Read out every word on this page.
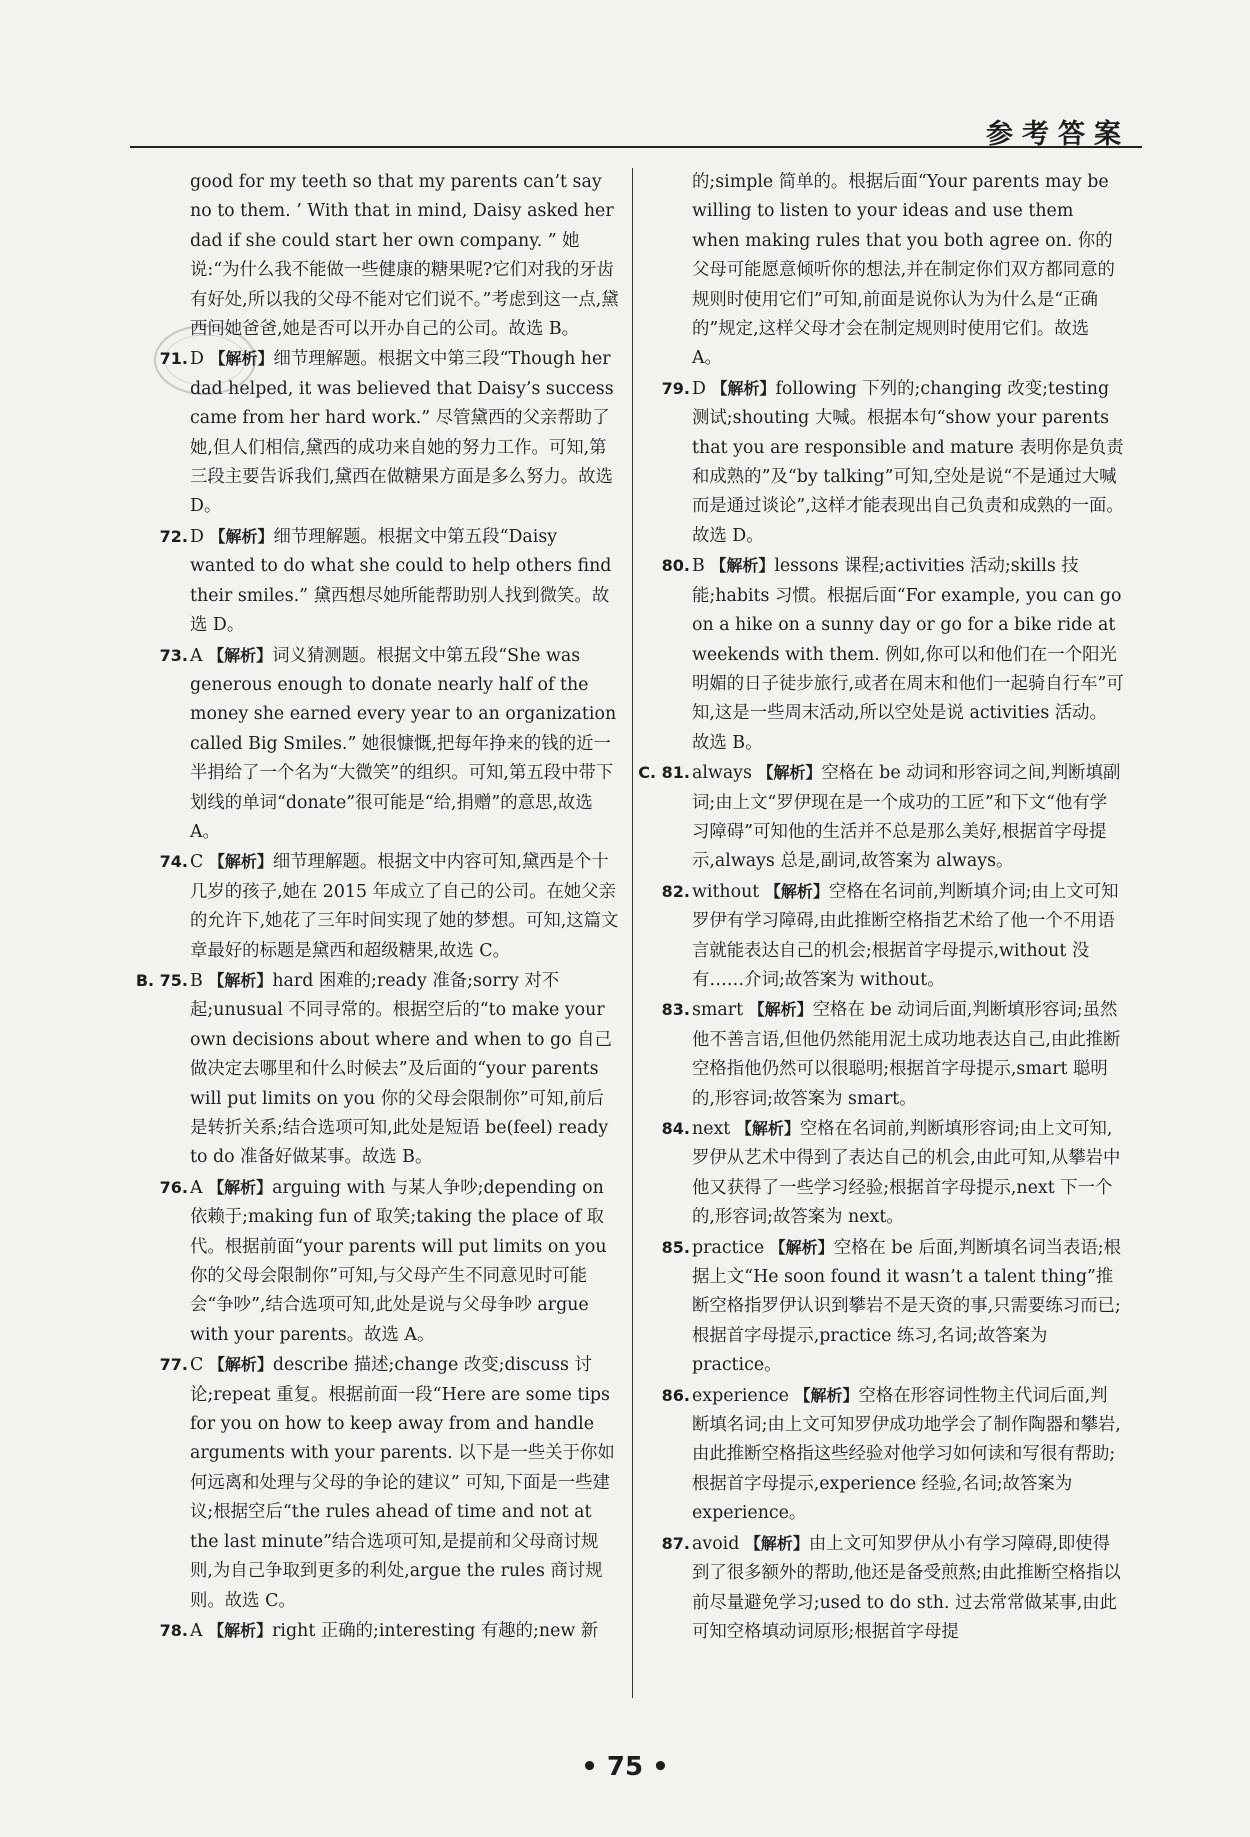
参考答案

good for my teeth so that my parents can’t say no to them. ’ With that in mind, Daisy asked her dad if she could start her own company. ” 她说:“为什么我不能做一些健康的糖果呢?它们对我的牙齿有好处,所以我的父母不能对它们说不。”考虑到这一点,黛西问她爸爸,她是否可以开办自己的公司。故选 B。

71. D 【解析】细节理解题。根据文中第三段“Though her dad helped, it was believed that Daisy’s success came from her hard work.” 尽管黛西的父亲帮助了她,但人们相信,黛西的成功来自她的努力工作。可知,第三段主要告诉我们,黛西在做糖果方面是多么努力。故选 D。

72. D 【解析】细节理解题。根据文中第五段“Daisy wanted to do what she could to help others find their smiles.” 黛西想尽她所能帮助别人找到微笑。故选 D。

73. A 【解析】词义猜测题。根据文中第五段“She was generous enough to donate nearly half of the money she earned every year to an organization called Big Smiles.” 她很慷慨,把每年挣来的钱的近一半捐给了一个名为“大微笑”的组织。可知,第五段中带下划线的单词“donate”很可能是“给,捐赠”的意思,故选 A。

74. C 【解析】细节理解题。根据文中内容可知,黛西是个十几岁的孩子,她在 2015 年成立了自己的公司。在她父亲的允许下,她花了三年时间实现了她的梦想。可知,这篇文章最好的标题是黛西和超级糖果,故选 C。

B. 75. B 【解析】hard 困难的;ready 准备;sorry 对不起;unusual 不同寻常的。根据空后的“to make your own decisions about where and when to go 自己做决定去哪里和什么时候去”及后面的“your parents will put limits on you 你的父母会限制你”可知,前后是转折关系;结合选项可知,此处是短语 be(feel) ready to do 准备好做某事。故选 B。

76. A 【解析】arguing with 与某人争吵;depending on 依赖于;making fun of 取笑;taking the place of 取代。根据前面“your parents will put limits on you 你的父母会限制你”可知,与父母产生不同意见时可能会“争吵”,结合选项可知,此处是说与父母争吵 argue with your parents。故选 A。

77. C 【解析】describe 描述;change 改变;discuss 讨论;repeat 重复。根据前面一段“Here are some tips for you on how to keep away from and handle arguments with your parents. 以下是一些关于你如何远离和处理与父母的争论的建议” 可知,下面是一些建议;根据空后“the rules ahead of time and not at the last minute”结合选项可知,是提前和父母商讨规则,为自己争取到更多的利处,argue the rules 商讨规则。故选 C。

78. A 【解析】right 正确的;interesting 有趣的;new 新

的;simple 简单的。根据后面“Your parents may be willing to listen to your ideas and use them when making rules that you both agree on. 你的父母可能愿意倾听你的想法,并在制定你们双方都同意的规则时使用它们”可知,前面是说你认为为什么是“正确的”规定,这样父母才会在制定规则时使用它们。故选 A。

79. D 【解析】following 下列的;changing 改变;testing 测试;shouting 大喊。根据本句“show your parents that you are responsible and mature 表明你是负责和成熟的”及“by talking”可知,空处是说“不是通过大喊而是通过谈论”,这样才能表现出自己负责和成熟的一面。故选 D。

80. B 【解析】lessons 课程;activities 活动;skills 技能;habits 习惯。根据后面“For example, you can go on a hike on a sunny day or go for a bike ride at weekends with them. 例如,你可以和他们在一个阳光明媚的日子徒步旅行,或者在周末和他们一起骑自行车”可知,这是一些周末活动,所以空处是说 activities 活动。故选 B。

C. 81. always 【解析】空格在 be 动词和形容词之间,判断填副词;由上文“罗伊现在是一个成功的工匠”和下文“他有学习障碍”可知他的生活并不总是那么美好,根据首字母提示,always 总是,副词,故答案为 always。

82. without 【解析】空格在名词前,判断填介词;由上文可知罗伊有学习障碍,由此推断空格指艺术给了他一个不用语言就能表达自己的机会;根据首字母提示,without 没有……介词;故答案为 without。

83. smart 【解析】空格在 be 动词后面,判断填形容词;虽然他不善言语,但他仍然能用泥土成功地表达自己,由此推断空格指他仍然可以很聪明;根据首字母提示,smart 聪明的,形容词;故答案为 smart。

84. next 【解析】空格在名词前,判断填形容词;由上文可知,罗伊从艺术中得到了表达自己的机会,由此可知,从攀岩中他又获得了一些学习经验;根据首字母提示,next 下一个的,形容词;故答案为 next。

85. practice 【解析】空格在 be 后面,判断填名词当表语;根据上文“He soon found it wasn’t a talent thing”推断空格指罗伊认识到攀岩不是天资的事,只需要练习而已;根据首字母提示,practice 练习,名词;故答案为 practice。

86. experience 【解析】空格在形容词性物主代词后面,判断填名词;由上文可知罗伊成功地学会了制作陶器和攀岩,由此推断空格指这些经验对他学习如何读和写很有帮助;根据首字母提示,experience 经验,名词;故答案为 experience。

87. avoid 【解析】由上文可知罗伊从小有学习障碍,即使得到了很多额外的帮助,他还是备受煎熬;由此推断空格指以前尽量避免学习;used to do sth. 过去常常做某事,由此可知空格填动词原形;根据首字母提

• 75 •
